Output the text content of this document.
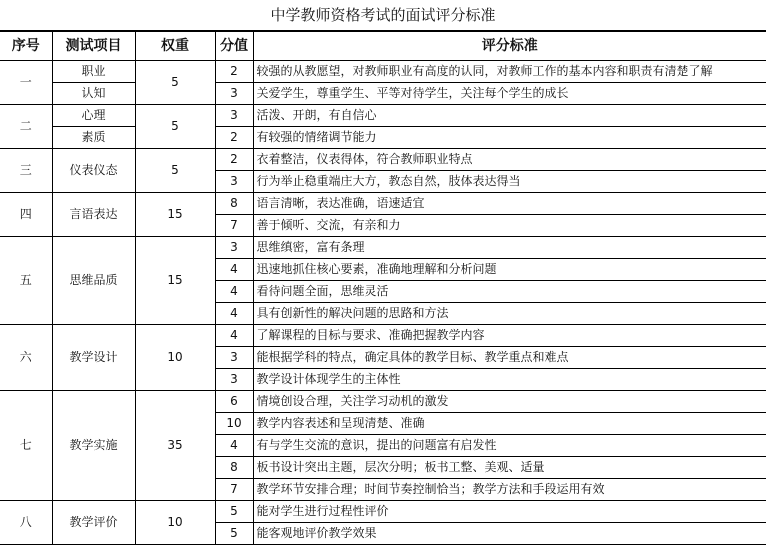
中学教师资格考试的面试评分标准
序号	测试项目	权重	分值	评分标准
一	职业	5	2	较强的从教愿望，对教师职业有高度的认同，对教师工作的基本内容和职责有清楚了解
	认知		3	关爱学生，尊重学生、平等对待学生，关注每个学生的成长
二	心理	5	3	活泼、开朗，有自信心
	素质		2	有较强的情绪调节能力
三	仪表仪态	5	2	衣着整洁，仪表得体，符合教师职业特点
			3	行为举止稳重端庄大方，教态自然，肢体表达得当
四	言语表达	15	8	语言清晰，表达准确，语速适宜
			7	善于倾听、交流，有亲和力
五	思维品质	15	3	思维缜密，富有条理
			4	迅速地抓住核心要素，准确地理解和分析问题
			4	看待问题全面，思维灵活
			4	具有创新性的解决问题的思路和方法
六	教学设计	10	4	了解课程的目标与要求、准确把握教学内容
			3	能根据学科的特点，确定具体的教学目标、教学重点和难点
			3	教学设计体现学生的主体性
七	教学实施	35	6	情境创设合理，关注学习动机的激发
			10	教学内容表述和呈现清楚、准确
			4	有与学生交流的意识，提出的问题富有启发性
			8	板书设计突出主题，层次分明；板书工整、美观、适量
			7	教学环节安排合理；时间节奏控制恰当；教学方法和手段运用有效
八	教学评价	10	5	能对学生进行过程性评价
			5	能客观地评价教学效果
